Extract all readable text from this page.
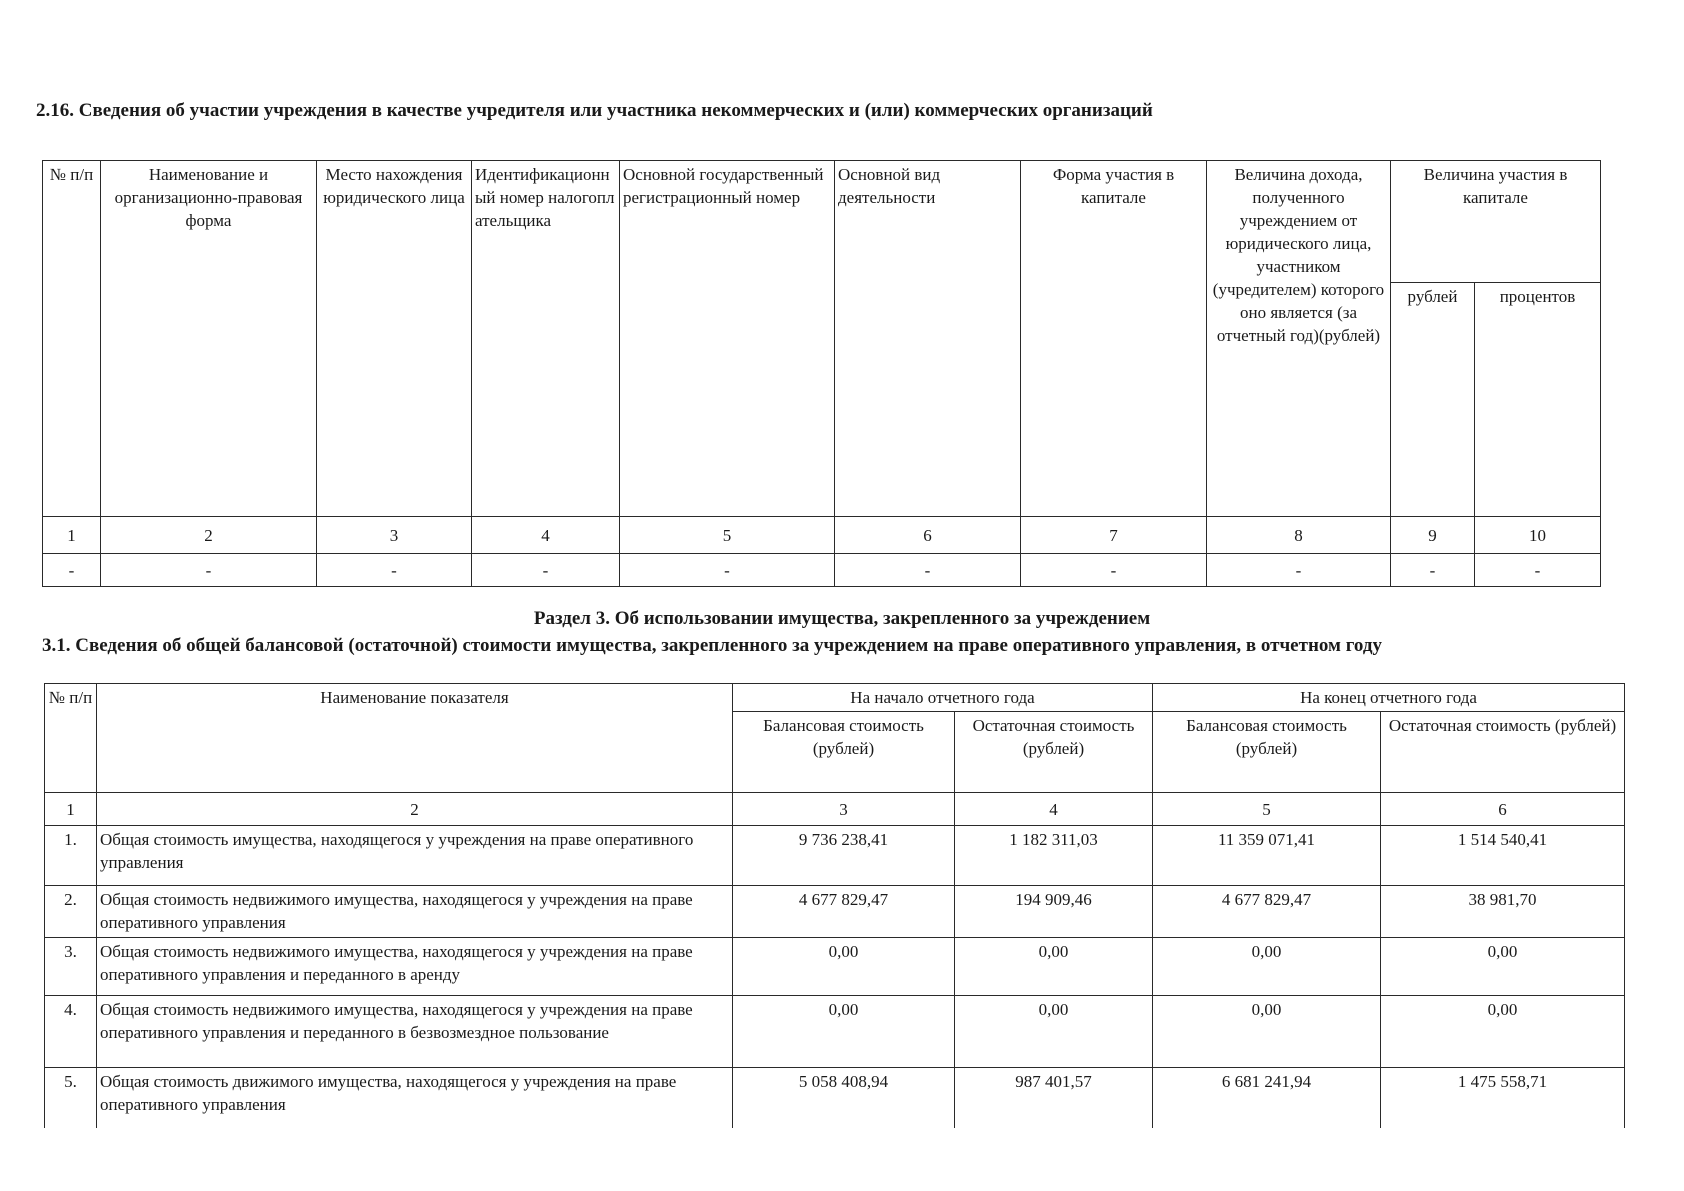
2.16. Сведения об участии учреждения в качестве учредителя или участника некоммерческих и (или) коммерческих организаций
№ п/п	Наименование и организационно-правовая форма	Место нахождения юридического лица	Идентификационный номер налогоплательщика	Основной государственный регистрационный номер	Основной вид деятельности	Форма участия в капитале	Величина дохода, полученного учреждением от юридического лица, участником (учредителем) которого оно является (за отчетный год)(рублей)	Величина участия в капитале	
								рублей	процентов
1	2	3	4	5	6	7	8	9	10
-	-	-	-	-	-	-	-	-	-
Раздел 3. Об использовании имущества, закрепленного за учреждением
3.1. Сведения об общей балансовой (остаточной) стоимости имущества, закрепленного за учреждением на праве оперативного управления, в отчетном году
№ п/п	Наименование показателя	На начало отчетного года		На конец отчетного года	
		Балансовая стоимость (рублей)	Остаточная стоимость (рублей)	Балансовая стоимость (рублей)	Остаточная стоимость (рублей)
1	2	3	4	5	6
1.	Общая стоимость имущества, находящегося у учреждения на праве оперативного управления	9 736 238,41	1 182 311,03	11 359 071,41	1 514 540,41
2.	Общая стоимость недвижимого имущества, находящегося у учреждения на праве оперативного управления	4 677 829,47	194 909,46	4 677 829,47	38 981,70
3.	Общая стоимость недвижимого имущества, находящегося у учреждения на праве оперативного управления и переданного в аренду	0,00	0,00	0,00	0,00
4.	Общая стоимость недвижимого имущества, находящегося у учреждения на праве оперативного управления и переданного в безвозмездное пользование	0,00	0,00	0,00	0,00
5.	Общая стоимость движимого имущества, находящегося у учреждения на праве оперативного управления	5 058 408,94	987 401,57	6 681 241,94	1 475 558,71
